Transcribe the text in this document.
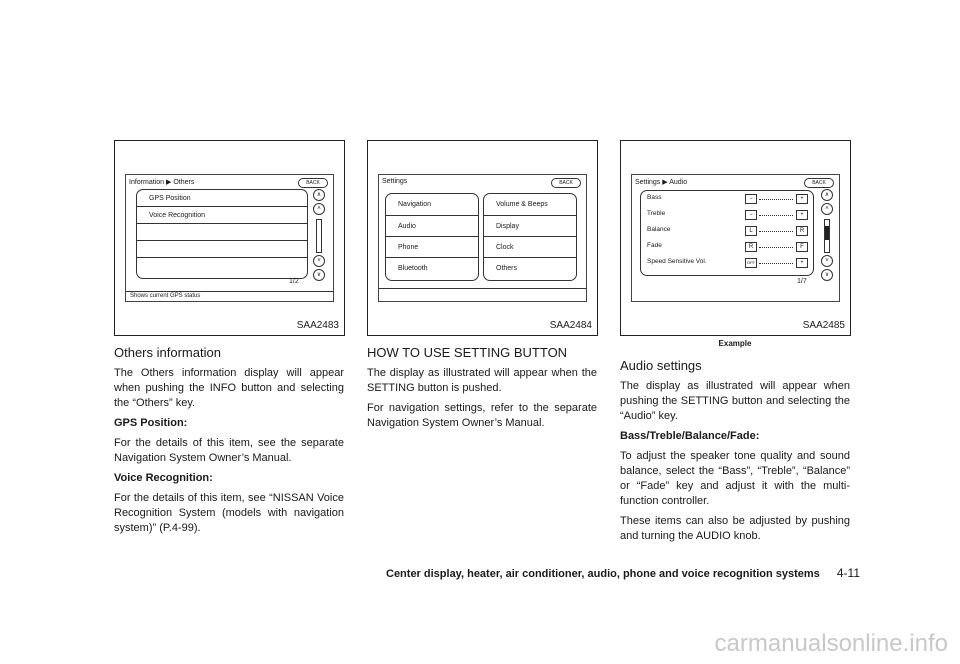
Information ▶ Others	BACK
GPS Position
Voice Recognition
∧
˄
˅
∨
1/2
Shows current GPS status
SAA2483
Settings	BACK
Navigation
Audio
Phone
Bluetooth
Volume & Beeps
Display
Clock
Others
SAA2484
Settings ▶ Audio	BACK
Bass	−	+
Treble	−	+
Balance	L	R
Fade	R	F
Speed Sensitive Vol.	OFF	+
∧
˄
˅
∨
1/7
SAA2485
Others information
The Others information display will appear when pushing the INFO button and selecting the “Others” key.
GPS Position:
For the details of this item, see the separate Navigation System Owner’s Manual.
Voice Recognition:
For the details of this item, see “NISSAN Voice Recognition System (models with navigation system)” (P.4-99).
HOW TO USE SETTING BUTTON
The display as illustrated will appear when the SETTING button is pushed.
For navigation settings, refer to the separate Navigation System Owner’s Manual.
Example
Audio settings
The display as illustrated will appear when pushing the SETTING button and selecting the “Audio” key.
Bass/Treble/Balance/Fade:
To adjust the speaker tone quality and sound balance, select the “Bass”, “Treble”, “Balance” or “Fade” key and adjust it with the multi-function controller.
These items can also be adjusted by pushing and turning the AUDIO knob.
Center display, heater, air conditioner, audio, phone and voice recognition systems 4-11
carmanualsonline.info
